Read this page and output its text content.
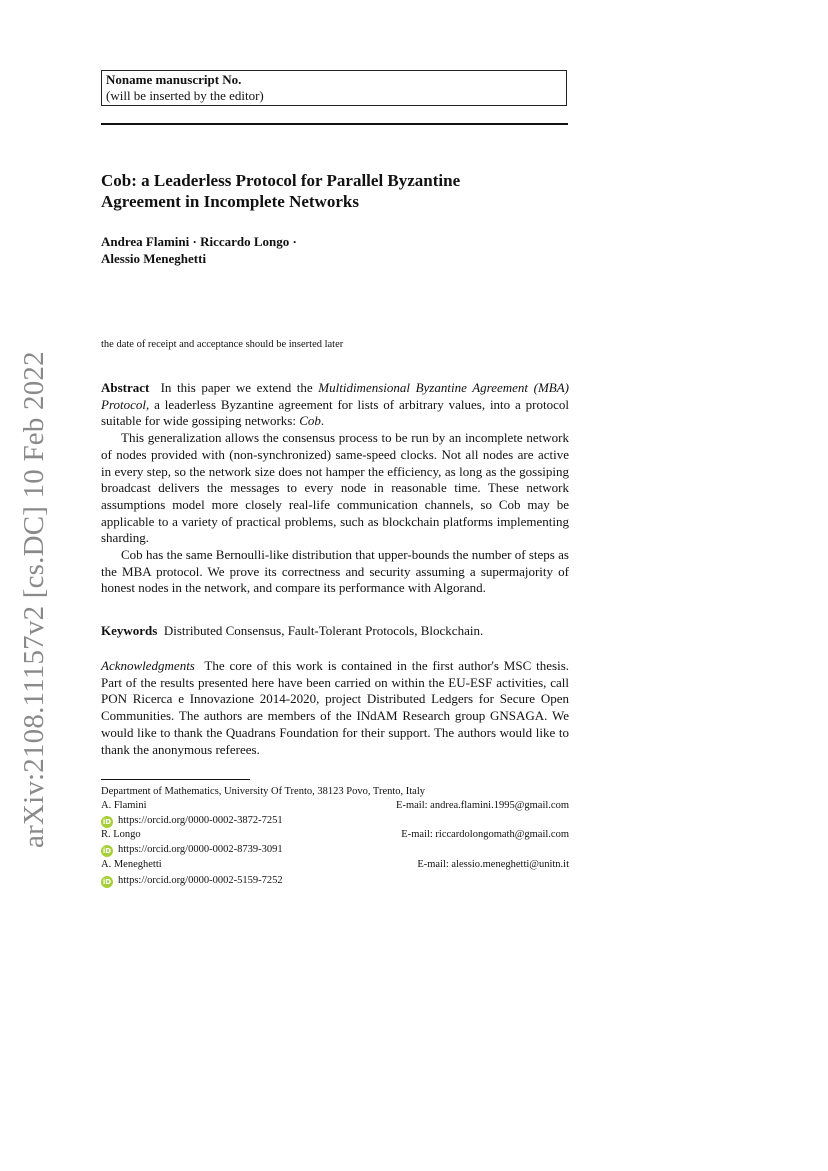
arXiv:2108.11157v2 [cs.DC] 10 Feb 2022
Noname manuscript No.
(will be inserted by the editor)
Cob: a Leaderless Protocol for Parallel Byzantine
Agreement in Incomplete Networks
Andrea Flamini · Riccardo Longo ·
Alessio Meneghetti
the date of receipt and acceptance should be inserted later

Abstract In this paper we extend the Multidimensional Byzantine Agreement (MBA) Protocol, a leaderless Byzantine agreement for lists of arbitrary values, into a protocol suitable for wide gossiping networks: Cob.

This generalization allows the consensus process to be run by an incomplete network of nodes provided with (non-synchronized) same-speed clocks. Not all nodes are active in every step, so the network size does not hamper the efficiency, as long as the gossiping broadcast delivers the messages to every node in reasonable time. These network assumptions model more closely real-life communication channels, so Cob may be applicable to a variety of practical problems, such as blockchain platforms implementing sharding.

Cob has the same Bernoulli-like distribution that upper-bounds the number of steps as the MBA protocol. We prove its correctness and security assuming a supermajority of honest nodes in the network, and compare its performance with Algorand.

Keywords Distributed Consensus, Fault-Tolerant Protocols, Blockchain.
Acknowledgments The core of this work is contained in the first author's MSC thesis. Part of the results presented here have been carried on within the EU-ESF activities, call PON Ricerca e Innovazione 2014-2020, project Distributed Ledgers for Secure Open Communities. The authors are members of the INdAM Research group GNSAGA. We would like to thank the Quadrans Foundation for their support. The authors would like to thank the anonymous referees.
Department of Mathematics, University Of Trento, 38123 Povo, Trento, Italy
A. Flamini	E-mail: andrea.flamini.1995@gmail.com
iD https://orcid.org/0000-0002-3872-7251
R. Longo	E-mail: riccardolongomath@gmail.com
iD https://orcid.org/0000-0002-8739-3091
A. Meneghetti	E-mail: alessio.meneghetti@unitn.it
iD https://orcid.org/0000-0002-5159-7252
